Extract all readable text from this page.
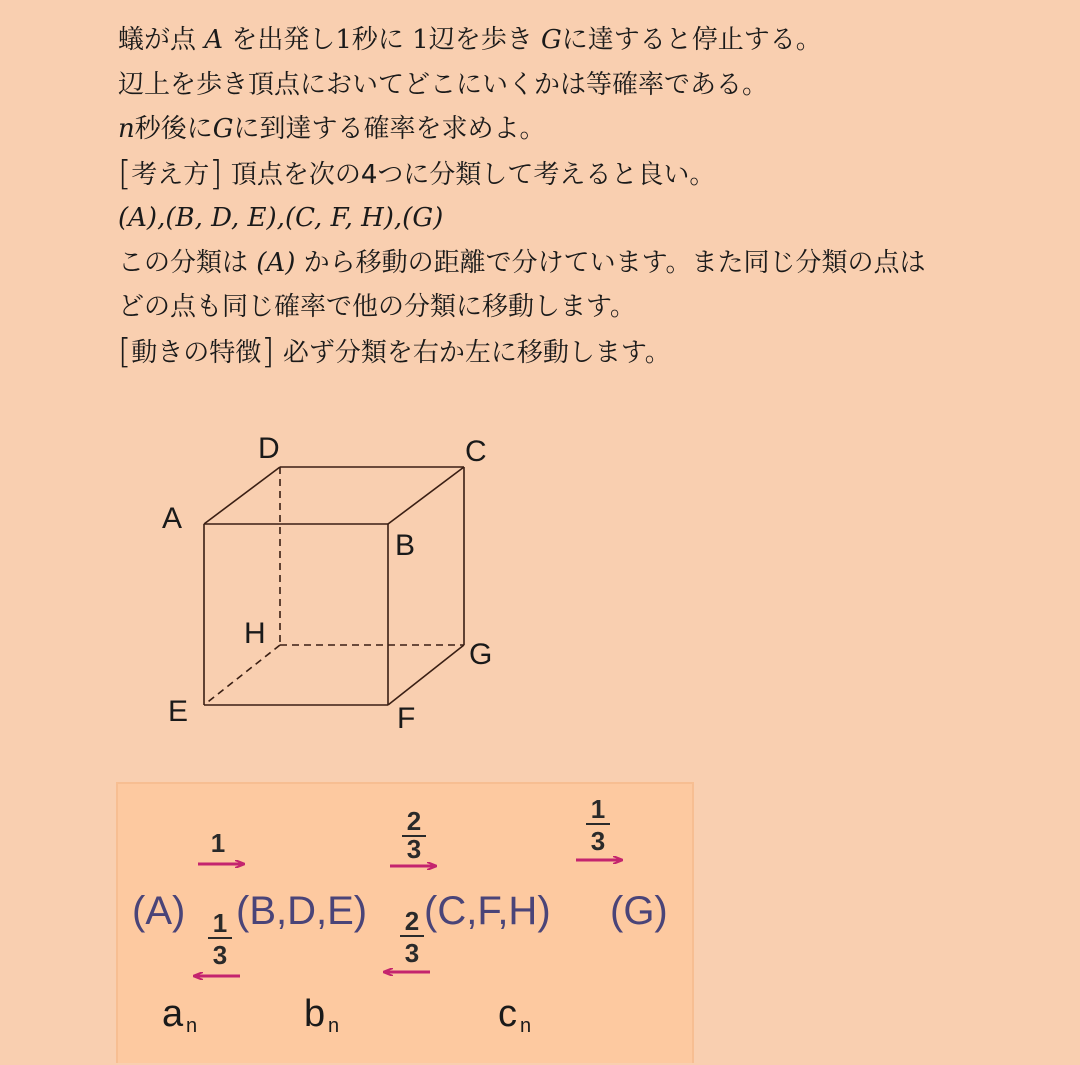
蟻が点 A を出発し1秒に 1辺を歩き Gに達すると停止する。
辺上を歩き頂点においてどこにいくかは等確率である。
n秒後にGに到達する確率を求めよ。
[考え方] 頂点を次の4つに分類して考えると良い。
(A),(B, D, E),(C, F, H),(G)
この分類は (A) から移動の距離で分けています。また同じ分類の点は
どの点も同じ確率で他の分類に移動します。
[動きの特徴] 必ず分類を右か左に移動します。
A
B
C
D
E	F
G
H
(A) (B,D,E) (C,F,H) (G)
1
2
3
1
3
1
3
2
3
a n	b n	c n
